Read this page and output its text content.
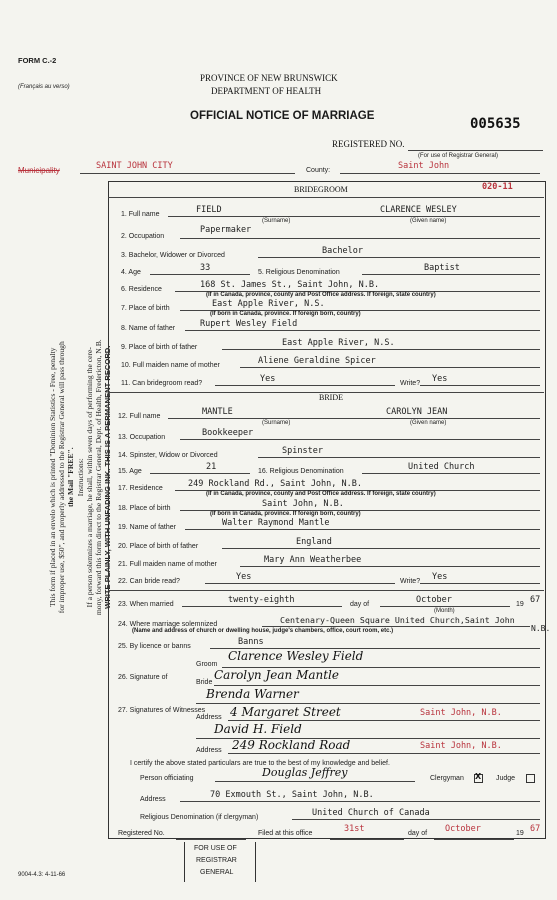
FORM C.-2
(Français au verso)
PROVINCE OF NEW BRUNSWICK
DEPARTMENT OF HEALTH
OFFICIAL NOTICE OF MARRIAGE	005635
REGISTERED NO.
(For use of Registrar General)
Municipality	SAINT JOHN CITY	County:	Saint John
This form if placed in an envelo which is printed "Dominion Statistics - Free, penalty for improper use, $50", and properly addressed to the Registrar General will pass through the Mail "FREE". Instructions: If a person solemnizes a marriage, he shall, within seven days of performing the cere- mony, forward this form direct to the Registrar General, Dept. of Health, Fredericton, N.B. WRITE PLAINLY, WITH UNFADING INK. THIS IS A PERMANENT RECORD.
BRIDEGROOM	020-11
1. Full name	FIELD	CLARENCE WESLEY
(Surname)	(Given name)
2. Occupation
Papermaker
3. Bachelor, Widower or Divorced	Bachelor
4. Age	33	5. Religious Denomination	Baptist
6. Residence	168 St. James St., Saint John, N.B.
(If in Canada, province, county and Post Office address. If foreign, state country)
7. Place of birth	East Apple River, N.S.
(If born in Canada, province. If foreign born, country)
8. Name of father	Rupert Wesley Field
9. Place of birth of father	East Apple River, N.S.
10. Full maiden name of mother	Aliene Geraldine Spicer
11. Can bridegroom read?	Yes	Write? Yes
BRIDE
12. Full name	MANTLE	CAROLYN JEAN
(Surname)	(Given name)
13. Occupation	Bookkeeper
14. Spinster, Widow or Divorced	Spinster
15. Age	21	16. Religious Denomination	United Church
17. Residence	249 Rockland Rd., Saint John, N.B.
(If in Canada, province, county and Post Office address. If foreign, state country)
18. Place of birth	Saint John, N.B.
(If born in Canada, province. If foreign born, country)
19. Name of father	Walter Raymond Mantle
20. Place of birth of father	England
21. Full maiden name of mother	Mary Ann Weatherbee
22. Can bride read?	Yes	Write? Yes
23. When married	twenty-eighth	day of	October
(Month)
19 67
24. Where marriage solemnized	Centenary-Queen Square United Church,Saint John
N.B.
(Name and address of church or dwelling house, judge's chambers, office, court room, etc.)
25. By licence or banns	Banns
26. Signature of
Groom
Clarence Wesley Field
Bride
Carolyn Jean Mantle
27. Signatures of Witnesses
Brenda Warner
Address 4 Margaret Street	Saint John, N.B.
David H. Field
Address 249 Rockland Road	Saint John, N.B.
I certify the above stated particulars are true to the best of my knowledge and belief.
Person officiating	Douglas Jeffrey	Clergyman X Judge
Address	70 Exmouth St., Saint John, N.B.
Religious Denomination (if clergyman)	United Church of Canada
Registered No.	Filed at this office	31st	day of October	19 67
FOR USE OF
REGISTRAR
GENERAL
9004-4.3: 4-11-66
